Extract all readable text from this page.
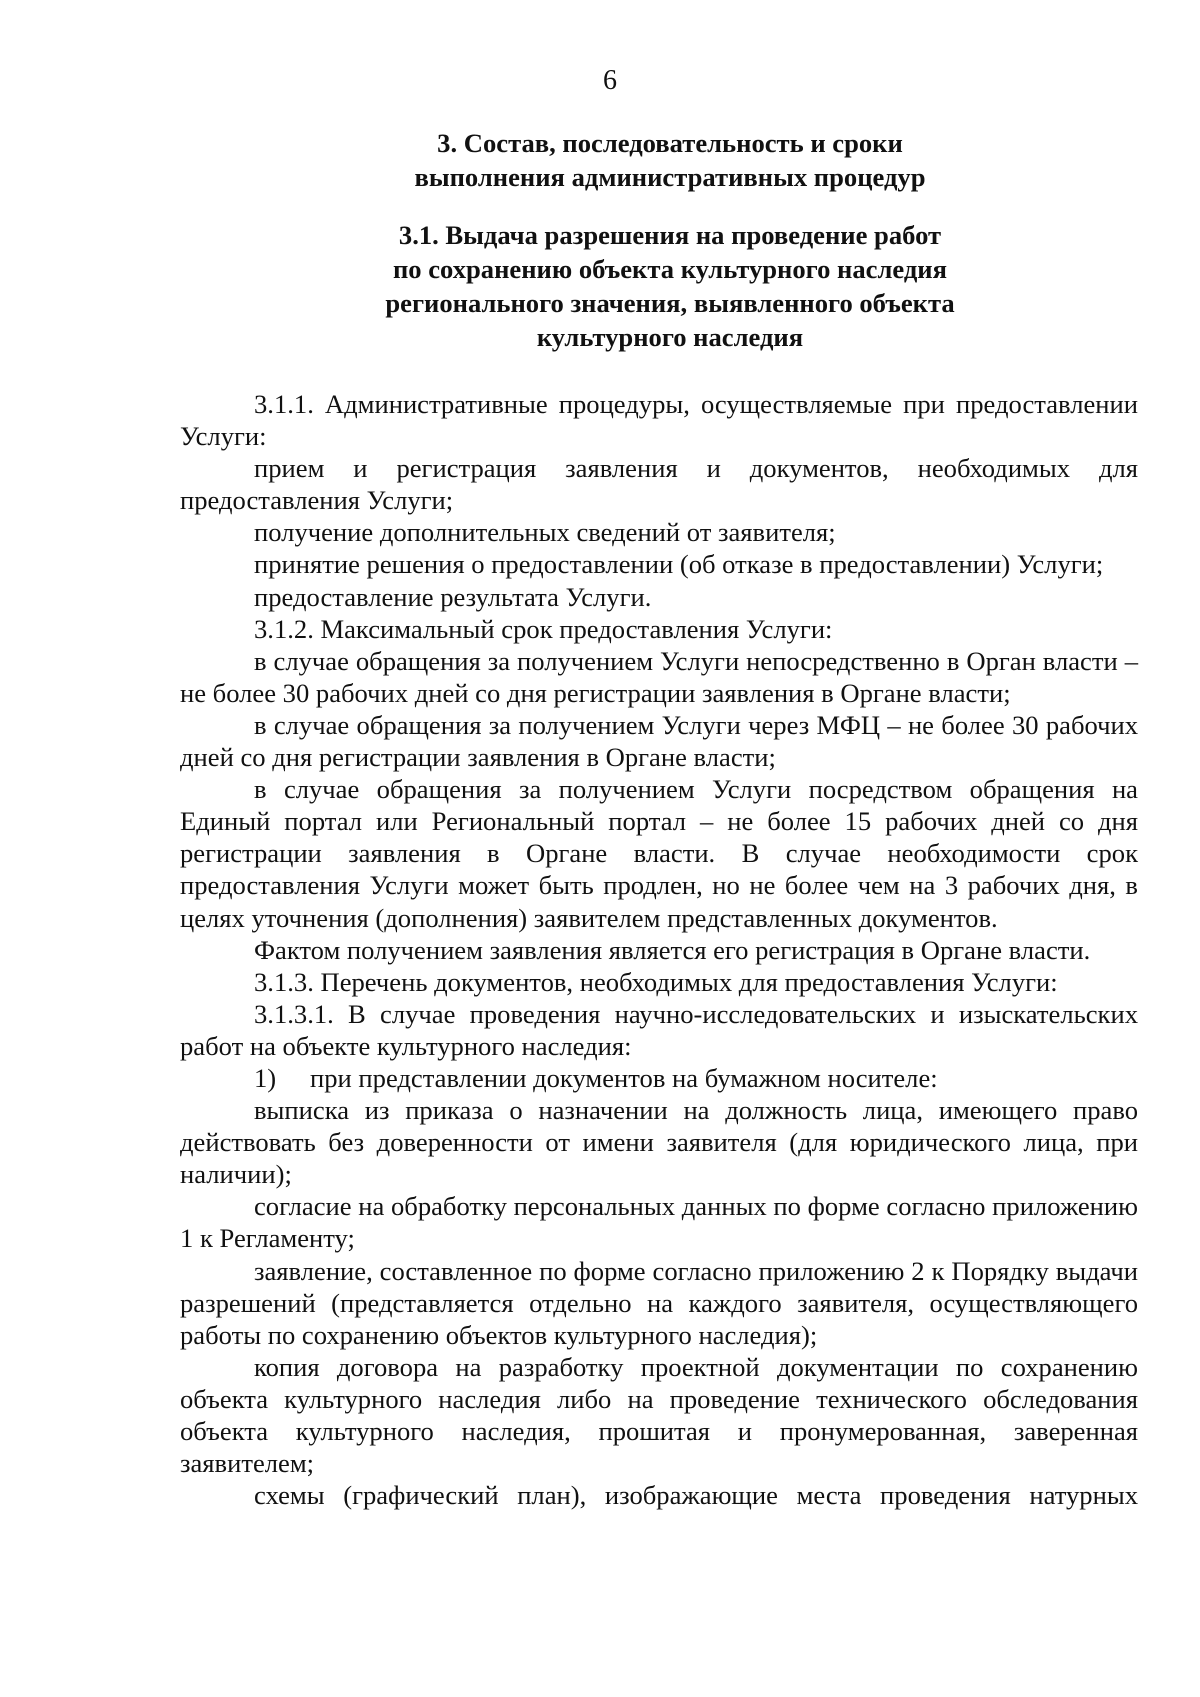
6
3. Состав, последовательность и сроки
выполнения административных процедур
3.1. Выдача разрешения на проведение работ
по сохранению объекта культурного наследия
регионального значения, выявленного объекта
культурного наследия

3.1.1. Административные процедуры, осуществляемые при предоставлении Услуги:

прием и регистрация заявления и документов, необходимых для предоставления Услуги;

получение дополнительных сведений от заявителя;

принятие решения о предоставлении (об отказе в предоставлении) Услуги;

предоставление результата Услуги.

3.1.2. Максимальный срок предоставления Услуги:

в случае обращения за получением Услуги непосредственно в Орган власти – не более 30 рабочих дней со дня регистрации заявления в Органе власти;

в случае обращения за получением Услуги через МФЦ – не более 30 рабочих дней со дня регистрации заявления в Органе власти;

в случае обращения за получением Услуги посредством обращения на Единый портал или Региональный портал – не более 15 рабочих дней со дня регистрации заявления в Органе власти. В случае необходимости срок предоставления Услуги может быть продлен, но не более чем на 3 рабочих дня, в целях уточнения (дополнения) заявителем представленных документов.

Фактом получением заявления является его регистрация в Органе власти.

3.1.3. Перечень документов, необходимых для предоставления Услуги:

3.1.3.1. В случае проведения научно-исследовательских и изыскательских работ на объекте культурного наследия:

1) при представлении документов на бумажном носителе:

выписка из приказа о назначении на должность лица, имеющего право действовать без доверенности от имени заявителя (для юридического лица, при наличии);

согласие на обработку персональных данных по форме согласно приложению 1 к Регламенту;

заявление, составленное по форме согласно приложению 2 к Порядку выдачи разрешений (представляется отдельно на каждого заявителя, осуществляющего работы по сохранению объектов культурного наследия);

копия договора на разработку проектной документации по сохранению объекта культурного наследия либо на проведение технического обследования объекта культурного наследия, прошитая и пронумерованная, заверенная заявителем;

схемы (графический план), изображающие места проведения натурных
